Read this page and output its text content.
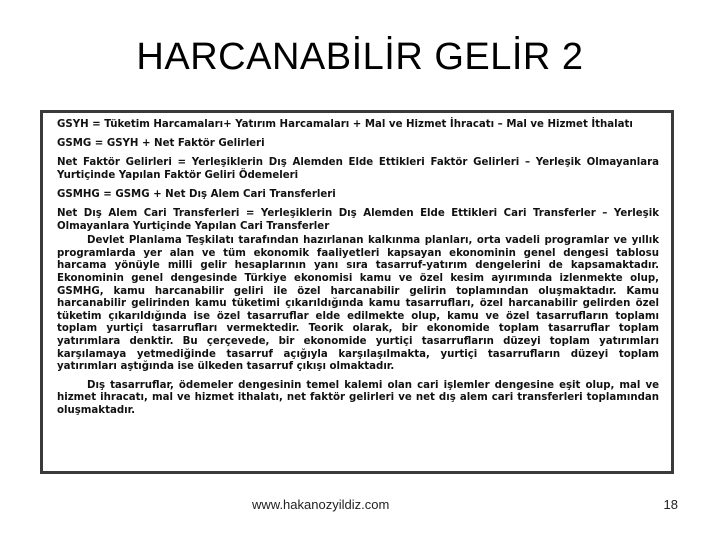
HARCANABİLİR GELİR 2

GSYH = Tüketim Harcamaları+ Yatırım Harcamaları + Mal ve Hizmet İhracatı – Mal ve Hizmet İthalatı

GSMG = GSYH + Net Faktör Gelirleri

Net Faktör Gelirleri = Yerleşiklerin Dış Alemden Elde Ettikleri Faktör Gelirleri – Yerleşik Olmayanlara Yurtiçinde Yapılan Faktör Geliri Ödemeleri

GSMHG = GSMG + Net Dış Alem Cari Transferleri

Net Dış Alem Cari Transferleri = Yerleşiklerin Dış Alemden Elde Ettikleri Cari Transferler – Yerleşik Olmayanlara Yurtiçinde Yapılan Cari Transferler

Devlet Planlama Teşkilatı tarafından hazırlanan kalkınma planları, orta vadeli programlar ve yıllık programlarda yer alan ve tüm ekonomik faaliyetleri kapsayan ekonominin genel dengesi tablosu harcama yönüyle milli gelir hesaplarının yanı sıra tasarruf-yatırım dengelerini de kapsamaktadır. Ekonominin genel dengesinde Türkiye ekonomisi kamu ve özel kesim ayırımında izlenmekte olup, GSMHG, kamu harcanabilir geliri ile özel harcanabilir gelirin toplamından oluşmaktadır. Kamu harcanabilir gelirinden kamu tüketimi çıkarıldığında kamu tasarrufları, özel harcanabilir gelirden özel tüketim çıkarıldığında ise özel tasarruflar elde edilmekte olup, kamu ve özel tasarrufların toplamı toplam yurtiçi tasarrufları vermektedir. Teorik olarak, bir ekonomide toplam tasarruflar toplam yatırımlara denktir. Bu çerçevede, bir ekonomide yurtiçi tasarrufların düzeyi toplam yatırımları karşılamaya yetmediğinde tasarruf açığıyla karşılaşılmakta, yurtiçi tasarrufların düzeyi toplam yatırımları aştığında ise ülkeden tasarruf çıkışı olmaktadır.

Dış tasarruflar, ödemeler dengesinin temel kalemi olan cari işlemler dengesine eşit olup, mal ve hizmet ihracatı, mal ve hizmet ithalatı, net faktör gelirleri ve net dış alem cari transferleri toplamından oluşmaktadır.

www.hakanozyildiz.com	18
